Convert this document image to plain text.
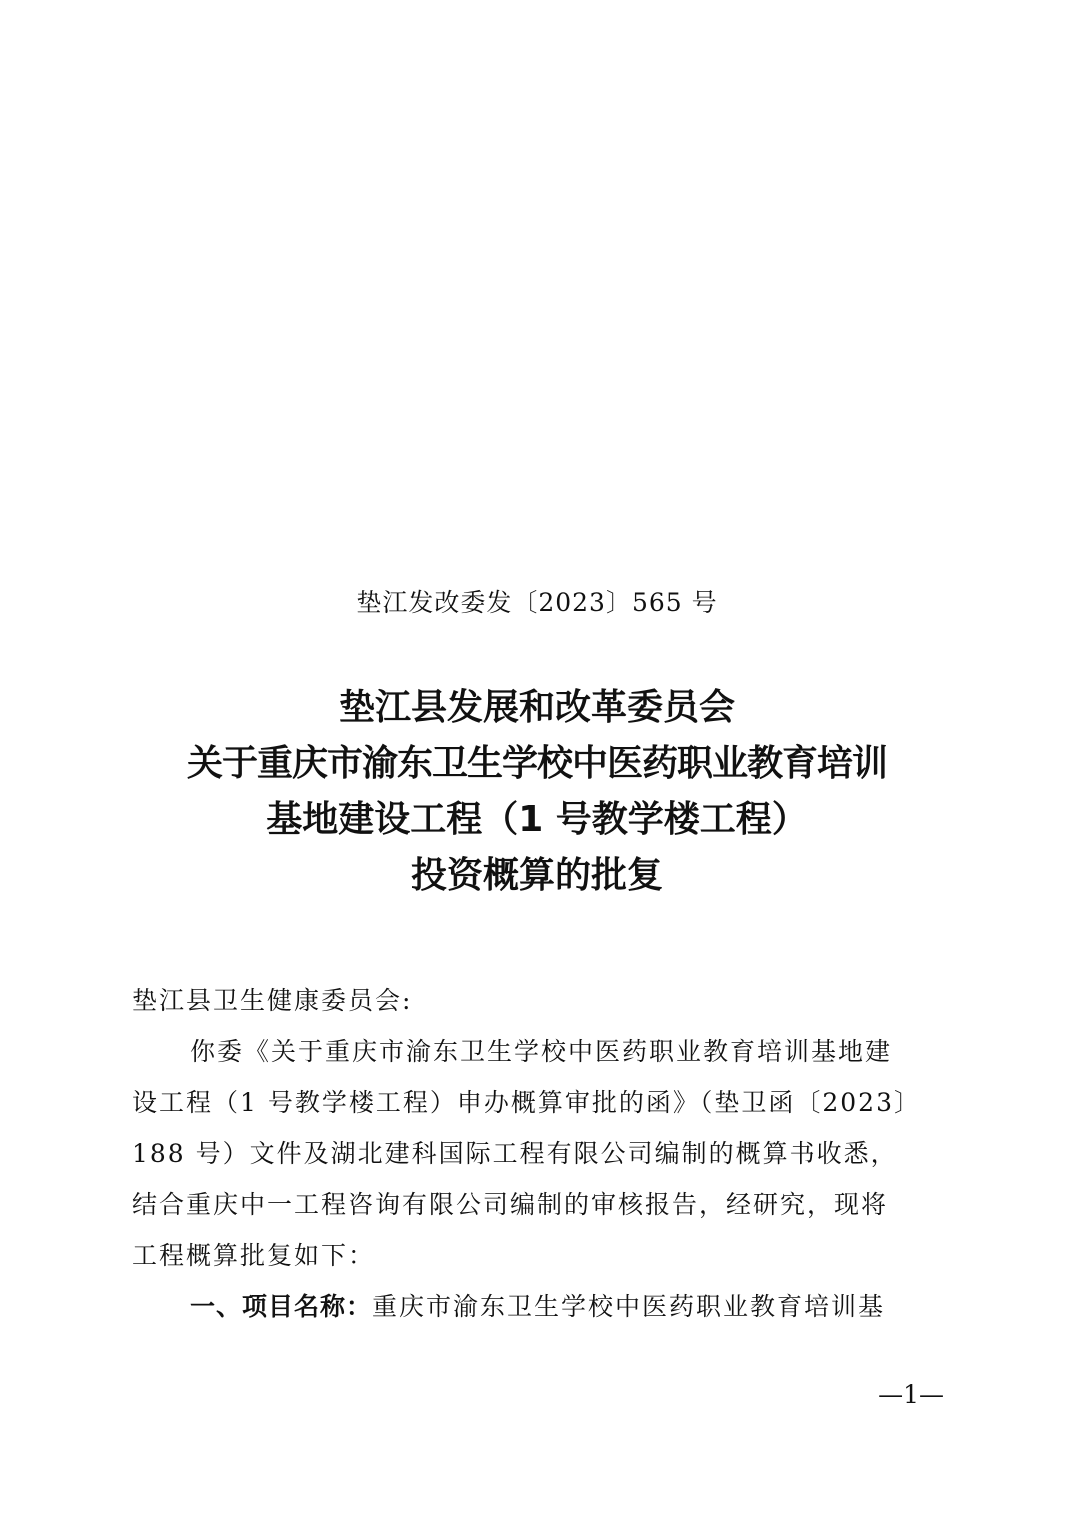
垫江发改委发〔2023〕565 号
垫江县发展和改革委员会
关于重庆市渝东卫生学校中医药职业教育培训
基地建设工程（1 号教学楼工程）
投资概算的批复
垫江县卫生健康委员会:
你委《关于重庆市渝东卫生学校中医药职业教育培训基地建
设工程（1 号教学楼工程）申办概算审批的函》（垫卫函〔2023〕
188 号）文件及湖北建科国际工程有限公司编制的概算书收悉，
结合重庆中一工程咨询有限公司编制的审核报告，经研究，现将
工程概算批复如下：
一、项目名称：重庆市渝东卫生学校中医药职业教育培训基
—1—
